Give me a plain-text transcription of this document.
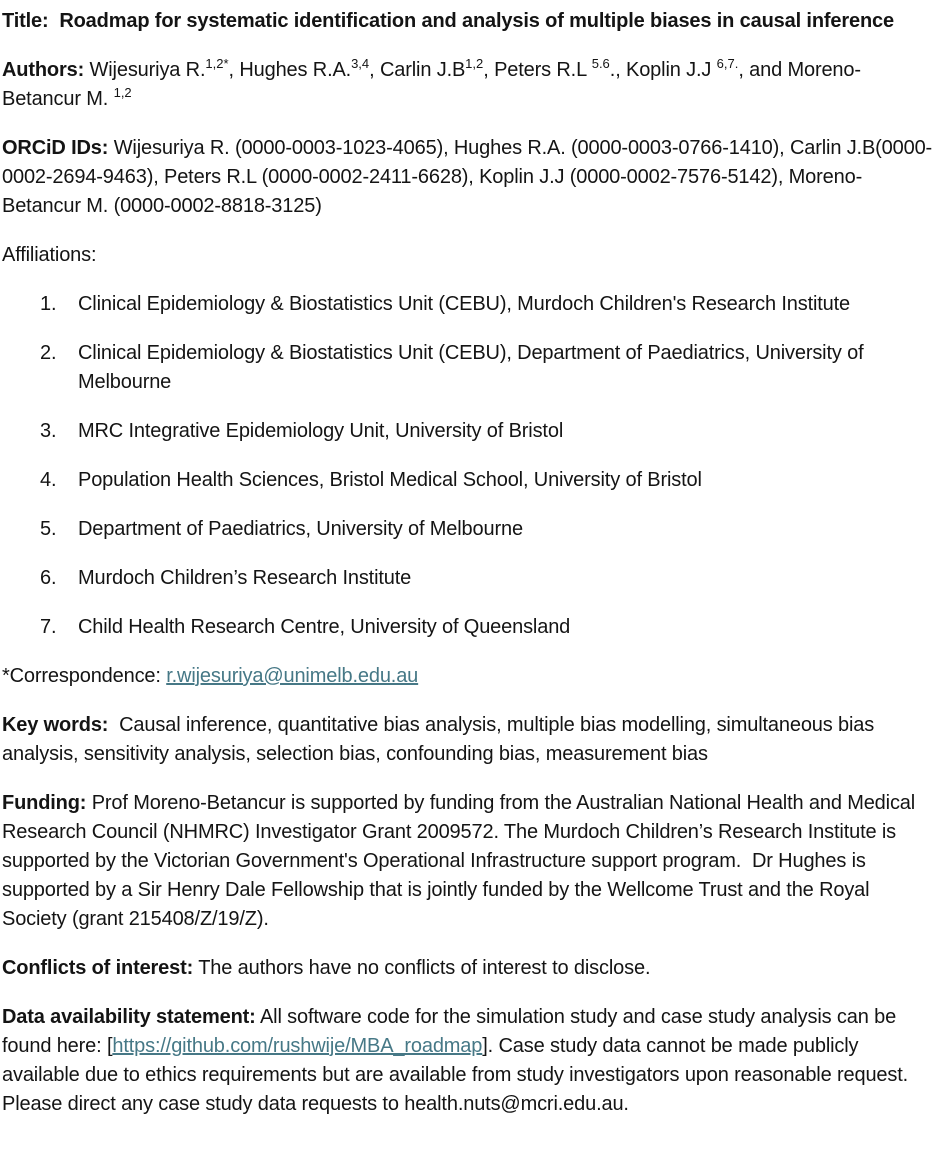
Title:  Roadmap for systematic identification and analysis of multiple biases in causal inference

Authors: Wijesuriya R.$^{1,2*}$, Hughes R.A.$^{3,4}$, Carlin $J.B^{1,2}$, Peters R.L $^{5.6}$., Koplin J.J $^{6,7.}$, and Moreno-Betancur M. $^{1,2}$

ORCiD IDs: Wijesuriya R. (0000-0003-1023-4065), Hughes R.A. (0000-0003-0766-1410), Carlin J.B(0000-0002-2694-9463), Peters R.L (0000-0002-2411-6628), Koplin J.J (0000-0002-7576-5142), Moreno-Betancur M. (0000-0002-8818-3125)

Affiliations:

Clinical Epidemiology & Biostatistics Unit (CEBU), Murdoch Children's Research Institute
Clinical Epidemiology & Biostatistics Unit (CEBU), Department of Paediatrics, University of Melbourne
MRC Integrative Epidemiology Unit, University of Bristol
Population Health Sciences, Bristol Medical School, University of Bristol
Department of Paediatrics, University of Melbourne
Murdoch Children’s Research Institute
Child Health Research Centre, University of Queensland

*Correspondence: r.wijesuriya@unimelb.edu.au

Key words:  Causal inference, quantitative bias analysis, multiple bias modelling, simultaneous bias analysis, sensitivity analysis, selection bias, confounding bias, measurement bias

Funding: Prof Moreno-Betancur is supported by funding from the Australian National Health and Medical Research Council (NHMRC) Investigator Grant 2009572. The Murdoch Children’s Research Institute is supported by the Victorian Government's Operational Infrastructure support program.  Dr Hughes is supported by a Sir Henry Dale Fellowship that is jointly funded by the Wellcome Trust and the Royal Society (grant 215408/Z/19/Z).

Conflicts of interest: The authors have no conflicts of interest to disclose.

Data availability statement: All software code for the simulation study and case study analysis can be found here: [https://github.com/rushwije/MBA_roadmap]. Case study data cannot be made publicly available due to ethics requirements but are available from study investigators upon reasonable request. Please direct any case study data requests to health.nuts@mcri.edu.au.
